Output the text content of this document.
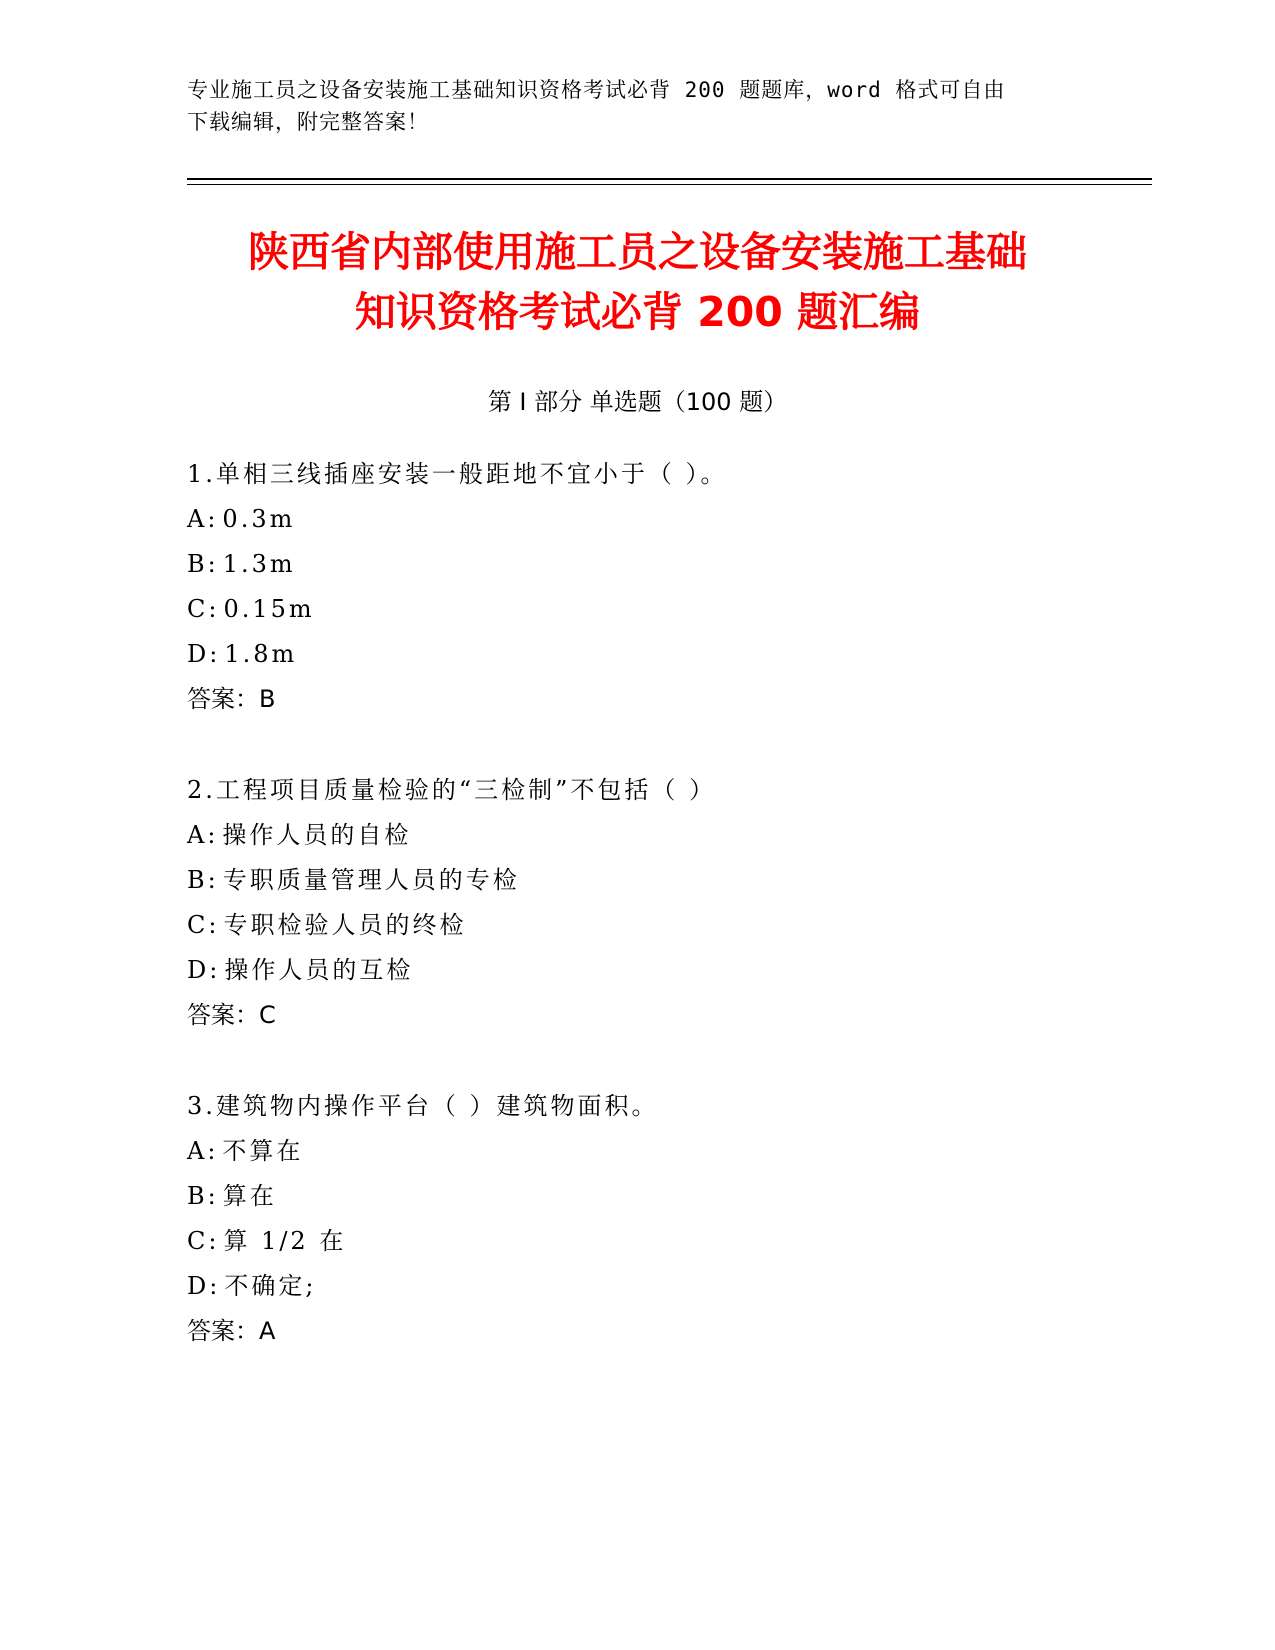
专业施工员之设备安装施工基础知识资格考试必背 200 题题库，word 格式可自由
下载编辑，附完整答案！
陕西省内部使用施工员之设备安装施工基础
知识资格考试必背 200 题汇编
第 I 部分 单选题（100 题）
1.单相三线插座安装一般距地不宜小于（ ）。
A: 0.3m
B: 1.3m
C: 0.15m
D: 1.8m
答案：B
2.工程项目质量检验的“三检制”不包括（ ）
A: 操作人员的自检
B: 专职质量管理人员的专检
C: 专职检验人员的终检
D: 操作人员的互检
答案：C
3.建筑物内操作平台（ ）建筑物面积。
A: 不算在
B: 算在
C: 算 1/2 在
D: 不确定;
答案：A
